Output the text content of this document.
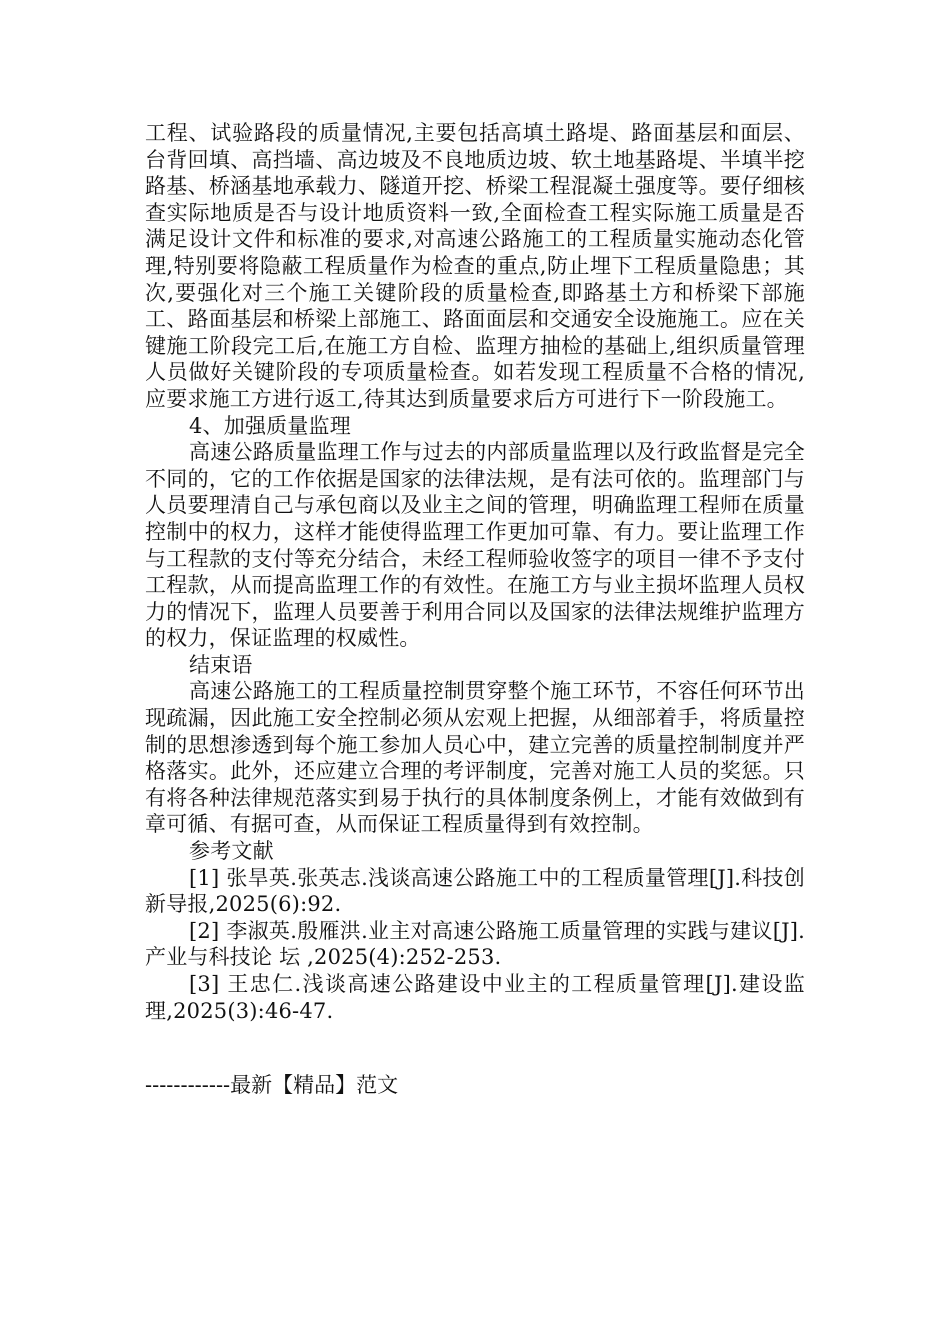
工程、试验路段的质量情况,主要包括高填土路堤、路面基层和面层、台背回填、高挡墙、高边坡及不良地质边坡、软土地基路堤、半填半挖路基、桥涵基地承载力、隧道开挖、桥梁工程混凝土强度等。要仔细核查实际地质是否与设计地质资料一致,全面检查工程实际施工质量是否满足设计文件和标准的要求,对高速公路施工的工程质量实施动态化管理,特别要将隐蔽工程质量作为检查的重点,防止埋下工程质量隐患；其次,要强化对三个施工关键阶段的质量检查,即路基土方和桥梁下部施工、路面基层和桥梁上部施工、路面面层和交通安全设施施工。应在关键施工阶段完工后,在施工方自检、监理方抽检的基础上,组织质量管理人员做好关键阶段的专项质量检查。如若发现工程质量不合格的情况,应要求施工方进行返工,待其达到质量要求后方可进行下一阶段施工。

4、加强质量监理

高速公路质量监理工作与过去的内部质量监理以及行政监督是完全不同的，它的工作依据是国家的法律法规，是有法可依的。监理部门与人员要理清自己与承包商以及业主之间的管理，明确监理工程师在质量控制中的权力，这样才能使得监理工作更加可靠、有力。要让监理工作与工程款的支付等充分结合，未经工程师验收签字的项目一律不予支付工程款，从而提高监理工作的有效性。在施工方与业主损坏监理人员权力的情况下，监理人员要善于利用合同以及国家的法律法规维护监理方的权力，保证监理的权威性。

结束语

高速公路施工的工程质量控制贯穿整个施工环节，不容任何环节出现疏漏，因此施工安全控制必须从宏观上把握，从细部着手，将质量控制的思想渗透到每个施工参加人员心中，建立完善的质量控制制度并严格落实。此外，还应建立合理的考评制度，完善对施工人员的奖惩。只有将各种法律规范落实到易于执行的具体制度条例上，才能有效做到有章可循、有据可查，从而保证工程质量得到有效控制。

参考文献

[1] 张旱英.张英志.浅谈高速公路施工中的工程质量管理[J].科技创新导报,2025(6):92.

[2] 李淑英.殷雁洪.业主对高速公路施工质量管理的实践与建议[J].产业与科技论 坛 ,2025(4):252-253.

[3] 王忠仁.浅谈高速公路建设中业主的工程质量管理[J].建设监理,2025(3):46-47.

------------最新【精品】范文
